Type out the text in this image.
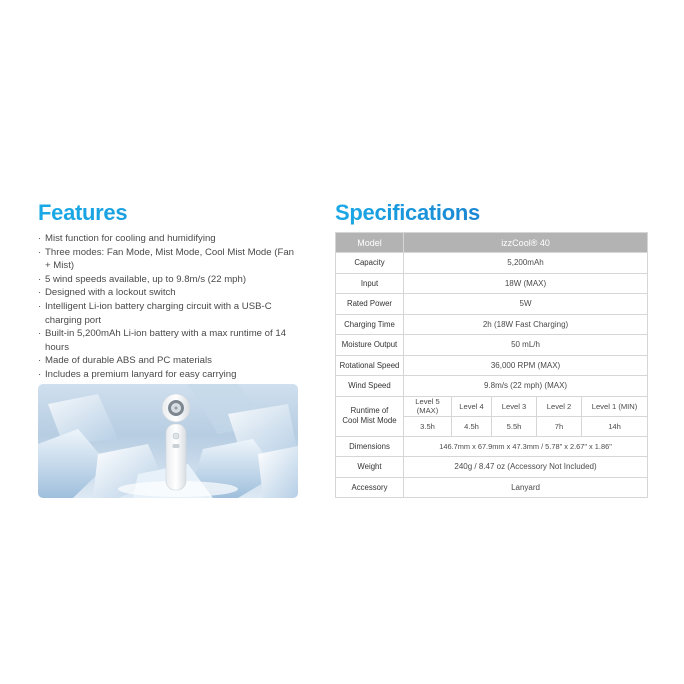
Features
· Mist function for cooling and humidifying
· Three modes: Fan Mode, Mist Mode, Cool Mist Mode (Fan + Mist)
· 5 wind speeds available, up to 9.8m/s (22 mph)
· Designed with a lockout switch
· Intelligent Li-ion battery charging circuit with a USB-C charging port
· Built-in 5,200mAh Li-ion battery with a max runtime of 14 hours
· Made of durable ABS and PC materials
· Includes a premium lanyard for easy carrying
Specifications
Model	izzCool® 40				
Capacity	5,200mAh				
Input	18W (MAX)				
Rated Power	5W				
Charging Time	2h (18W Fast Charging)				
Moisture Output	50 mL/h				
Rotational Speed	36,000 RPM (MAX)				
Wind Speed	9.8m/s (22 mph) (MAX)				
Runtime of
Cool Mist Mode	Level 5 (MAX)	Level 4	Level 3	Level 2	Level 1 (MIN)
	3.5h	4.5h	5.5h	7h	14h
Dimensions	146.7mm x 67.9mm x 47.3mm / 5.78" x 2.67" x 1.86"				
Weight	240g / 8.47 oz (Accessory Not Included)				
Accessory	Lanyard				
